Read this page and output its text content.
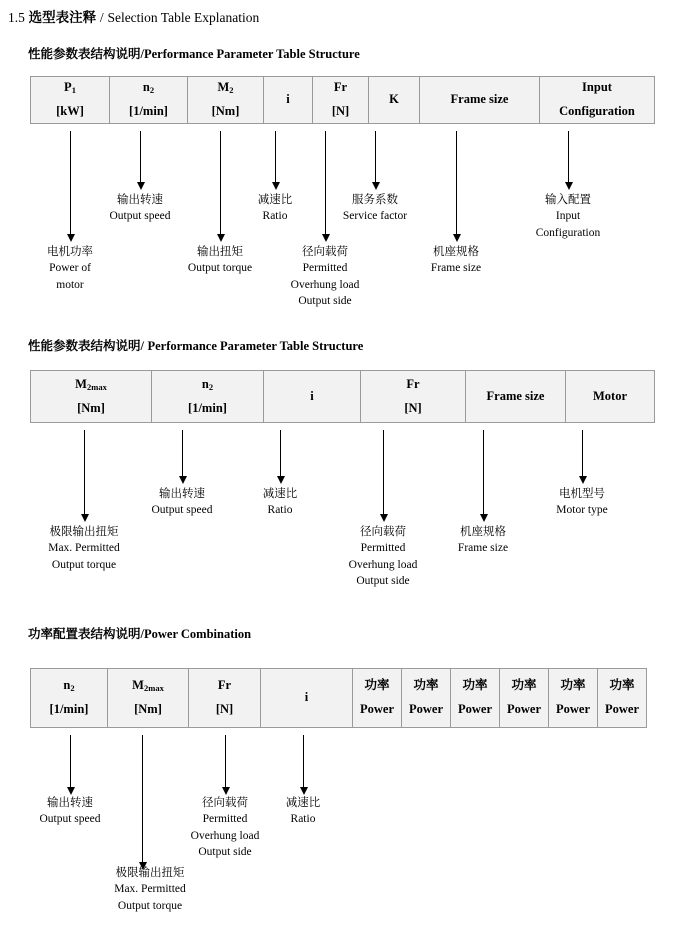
1.5 选型表注释 / Selection Table Explanation
性能参数表结构说明/Performance Parameter Table Structure
$P_1$
[kW]
$n_2$
[1/min]
$M_2$
[Nm]
i
Fr
[N]
K	Frame size
Input
Configuration
电机功率
Power of
motor
输出转速
Output speed
输出扭矩
Output torque
减速比
Ratio
径向载荷
Permitted
Overhung load
Output side
服务系数
Service factor
机座规格
Frame size
输入配置
Input
Configuration
性能参数表结构说明/ Performance Parameter Table Structure
$M_{2max}$
[Nm]
$n_2$
[1/min]
i
Fr
[N]
Frame size	Motor
极限输出扭矩
Max. Permitted
Output torque
输出转速
Output speed
减速比
Ratio
径向载荷
Permitted
Overhung load
Output side
机座规格
Frame size
电机型号
Motor type
功率配置表结构说明/Power Combination
$n_2$
[1/min]
$M_{2max}$
[Nm]
Fr
[N]
i
功率
Power
功率
Power
功率
Power
功率
Power
功率
Power
功率
Power
输出转速
Output speed
极限输出扭矩
Max. Permitted
Output torque
径向载荷
Permitted
Overhung load
Output side
减速比
Ratio
